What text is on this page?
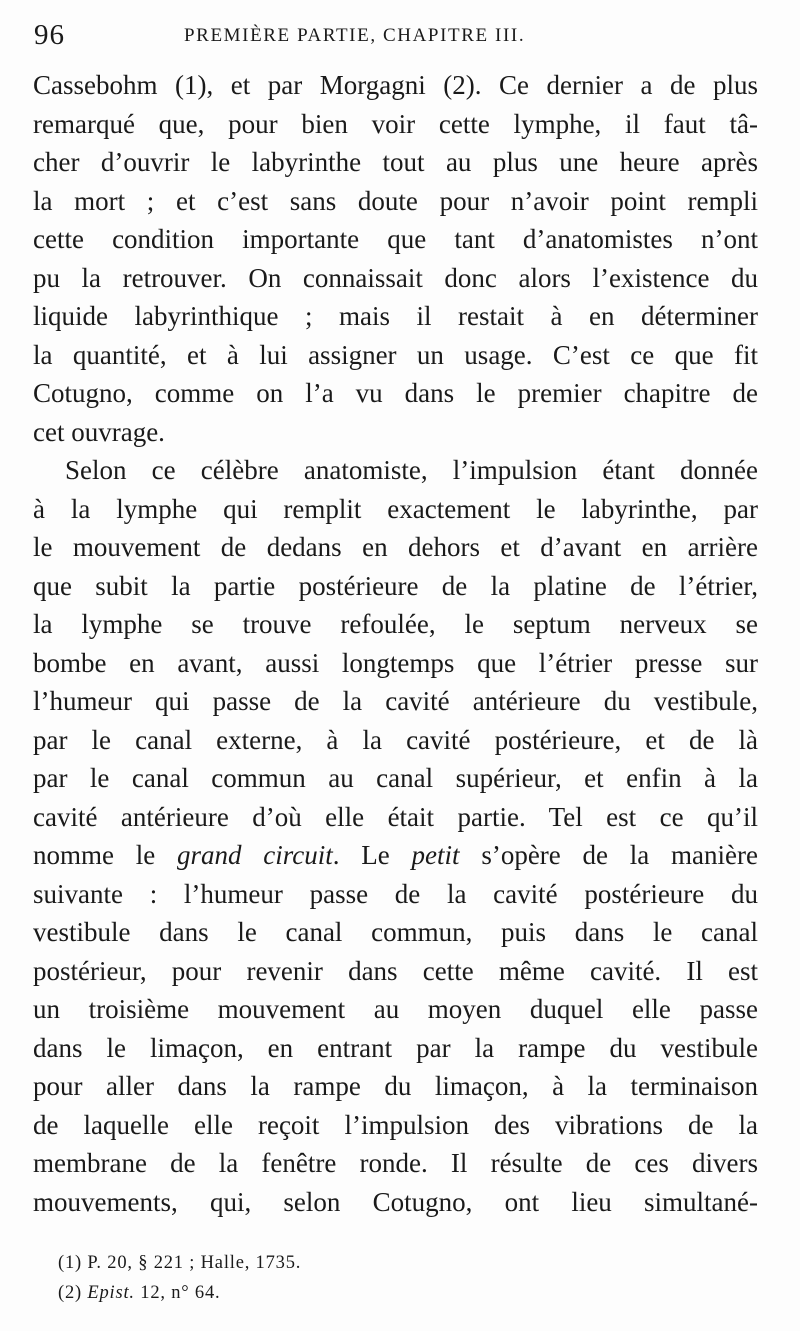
96	PREMIÈRE PARTIE, CHAPITRE III.
Cassebohm (1), et par Morgagni (2). Ce dernier a de plus
remarqué que, pour bien voir cette lymphe, il faut tâ-
cher d’ouvrir le labyrinthe tout au plus une heure après
la mort ; et c’est sans doute pour n’avoir point rempli
cette condition importante que tant d’anatomistes n’ont
pu la retrouver. On connaissait donc alors l’existence du
liquide labyrinthique ; mais il restait à en déterminer
la quantité, et à lui assigner un usage. C’est ce que fit
Cotugno, comme on l’a vu dans le premier chapitre de
cet ouvrage.
Selon ce célèbre anatomiste, l’impulsion étant donnée
à la lymphe qui remplit exactement le labyrinthe, par
le mouvement de dedans en dehors et d’avant en arrière
que subit la partie postérieure de la platine de l’étrier,
la lymphe se trouve refoulée, le septum nerveux se
bombe en avant, aussi longtemps que l’étrier presse sur
l’humeur qui passe de la cavité antérieure du vestibule,
par le canal externe, à la cavité postérieure, et de là
par le canal commun au canal supérieur, et enfin à la
cavité antérieure d’où elle était partie. Tel est ce qu’il
nomme le grand circuit. Le petit s’opère de la manière
suivante : l’humeur passe de la cavité postérieure du
vestibule dans le canal commun, puis dans le canal
postérieur, pour revenir dans cette même cavité. Il est
un troisième mouvement au moyen duquel elle passe
dans le limaçon, en entrant par la rampe du vestibule
pour aller dans la rampe du limaçon, à la terminaison
de laquelle elle reçoit l’impulsion des vibrations de la
membrane de la fenêtre ronde. Il résulte de ces divers
mouvements, qui, selon Cotugno, ont lieu simultané-
(1) P. 20, § 221 ; Halle, 1735.
(2) Epist. 12, n° 64.
